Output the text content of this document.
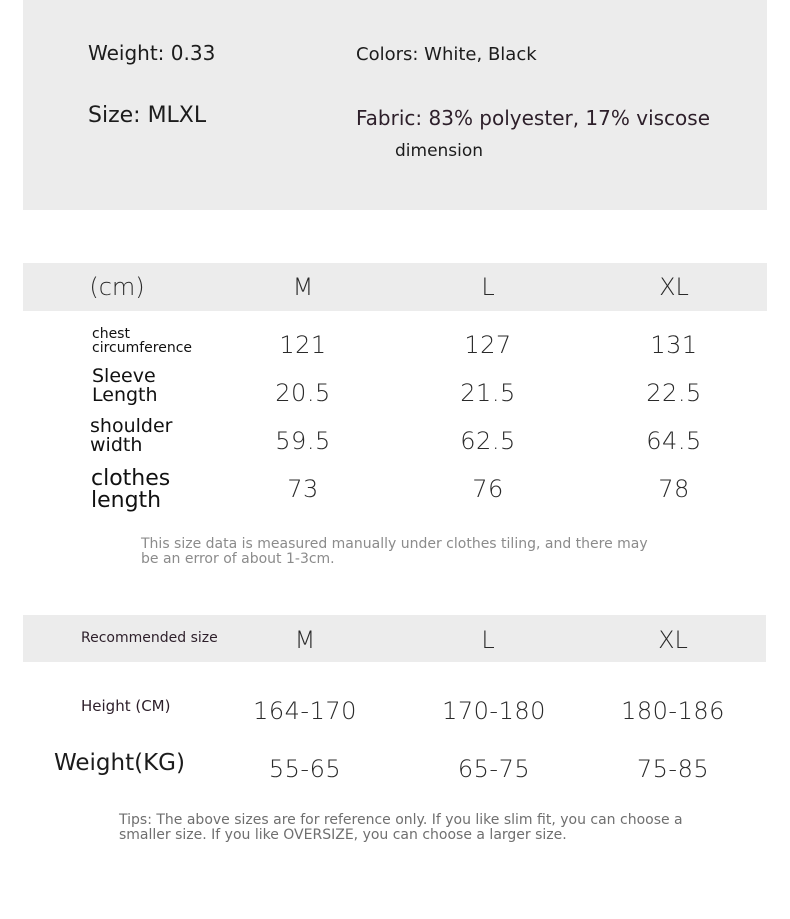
Weight: 0.33
Size: MLXL
Colors: White, Black
Fabric: 83% polyester, 17% viscose
dimension
(cm)	M	L	XL
chest circumference	121	127	131
Sleeve Length	20.5	21.5	22.5
shoulder width	59.5	62.5	64.5
clothes length	73	76	78
This size data is measured manually under clothes tiling, and there may be an error of about 1-3cm.
Recommended size	M	L	XL
Height (CM)	164-170	170-180	180-186
Weight(KG)	55-65	65-75	75-85
Tips: The above sizes are for reference only. If you like slim fit, you can choose a smaller size. If you like OVERSIZE, you can choose a larger size.
